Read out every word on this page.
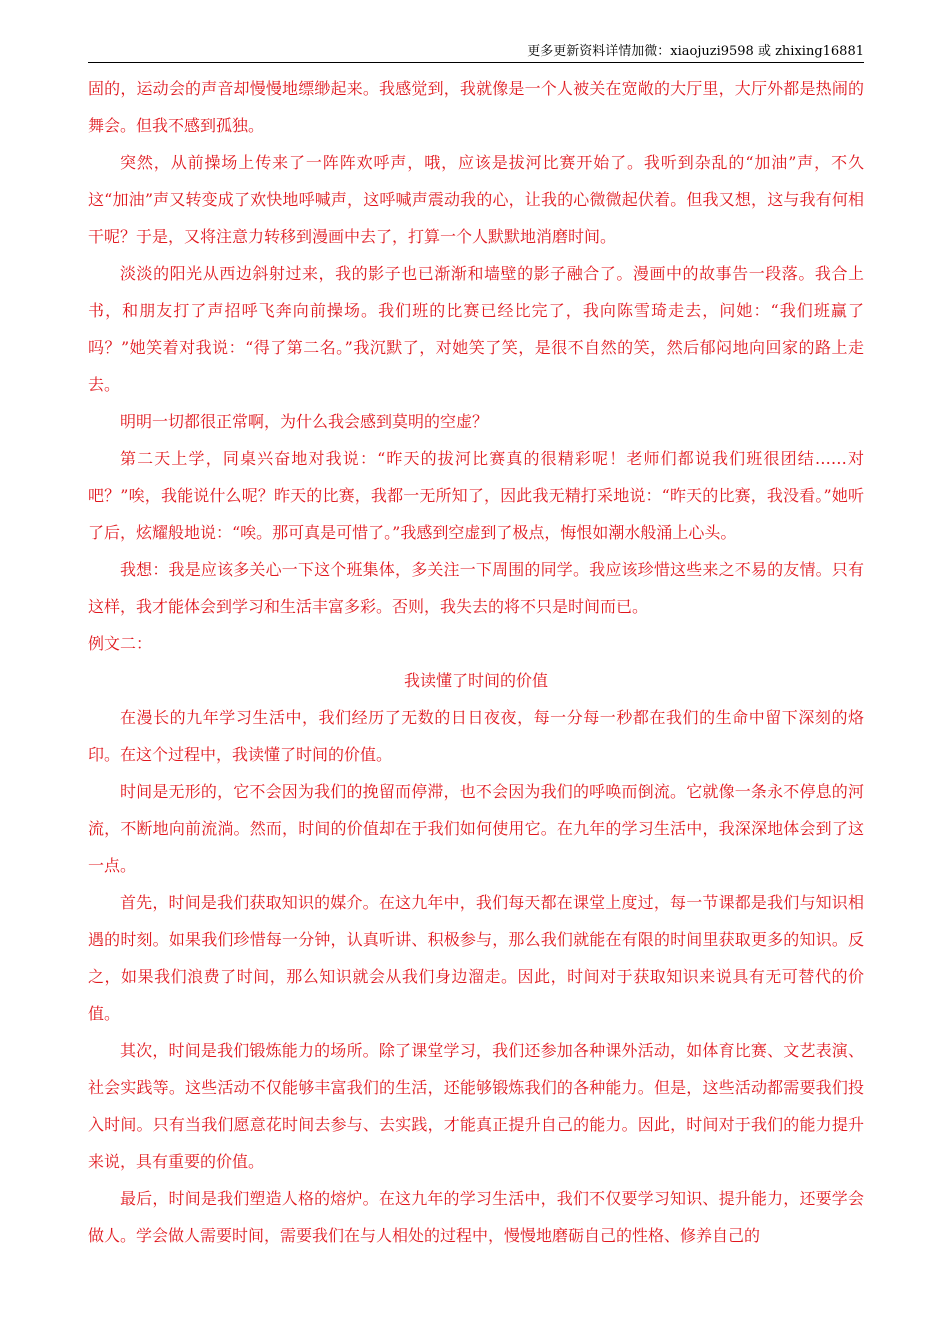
更多更新资料详情加微：xiaojuzi9598 或 zhixing16881

固的，运动会的声音却慢慢地缥缈起来。我感觉到，我就像是一个人被关在宽敞的大厅里，大厅外都是热闹的舞会。但我不感到孤独。

突然，从前操场上传来了一阵阵欢呼声，哦，应该是拔河比赛开始了。我听到杂乱的“加油”声，不久这“加油”声又转变成了欢快地呼喊声，这呼喊声震动我的心，让我的心微微起伏着。但我又想，这与我有何相干呢？于是，又将注意力转移到漫画中去了，打算一个人默默地消磨时间。

淡淡的阳光从西边斜射过来，我的影子也已渐渐和墙壁的影子融合了。漫画中的故事告一段落。我合上书，和朋友打了声招呼飞奔向前操场。我们班的比赛已经比完了，我向陈雪琦走去，问她：“我们班赢了吗？”她笑着对我说：“得了第二名。”我沉默了，对她笑了笑，是很不自然的笑，然后郁闷地向回家的路上走去。

明明一切都很正常啊，为什么我会感到莫明的空虚？

第二天上学，同桌兴奋地对我说：“昨天的拔河比赛真的很精彩呢！老师们都说我们班很团结……对吧？”唉，我能说什么呢？昨天的比赛，我都一无所知了，因此我无精打采地说：“昨天的比赛，我没看。”她听了后，炫耀般地说：“唉。那可真是可惜了。”我感到空虚到了极点，悔恨如潮水般涌上心头。

我想：我是应该多关心一下这个班集体，多关注一下周围的同学。我应该珍惜这些来之不易的友情。只有这样，我才能体会到学习和生活丰富多彩。否则，我失去的将不只是时间而已。

例文二：

我读懂了时间的价值

在漫长的九年学习生活中，我们经历了无数的日日夜夜，每一分每一秒都在我们的生命中留下深刻的烙印。在这个过程中，我读懂了时间的价值。

时间是无形的，它不会因为我们的挽留而停滞，也不会因为我们的呼唤而倒流。它就像一条永不停息的河流，不断地向前流淌。然而，时间的价值却在于我们如何使用它。在九年的学习生活中，我深深地体会到了这一点。

首先，时间是我们获取知识的媒介。在这九年中，我们每天都在课堂上度过，每一节课都是我们与知识相遇的时刻。如果我们珍惜每一分钟，认真听讲、积极参与，那么我们就能在有限的时间里获取更多的知识。反之，如果我们浪费了时间，那么知识就会从我们身边溜走。因此，时间对于获取知识来说具有无可替代的价值。

其次，时间是我们锻炼能力的场所。除了课堂学习，我们还参加各种课外活动，如体育比赛、文艺表演、社会实践等。这些活动不仅能够丰富我们的生活，还能够锻炼我们的各种能力。但是，这些活动都需要我们投入时间。只有当我们愿意花时间去参与、去实践，才能真正提升自己的能力。因此，时间对于我们的能力提升来说，具有重要的价值。

最后，时间是我们塑造人格的熔炉。在这九年的学习生活中，我们不仅要学习知识、提升能力，还要学会做人。学会做人需要时间，需要我们在与人相处的过程中，慢慢地磨砺自己的性格、修养自己的
